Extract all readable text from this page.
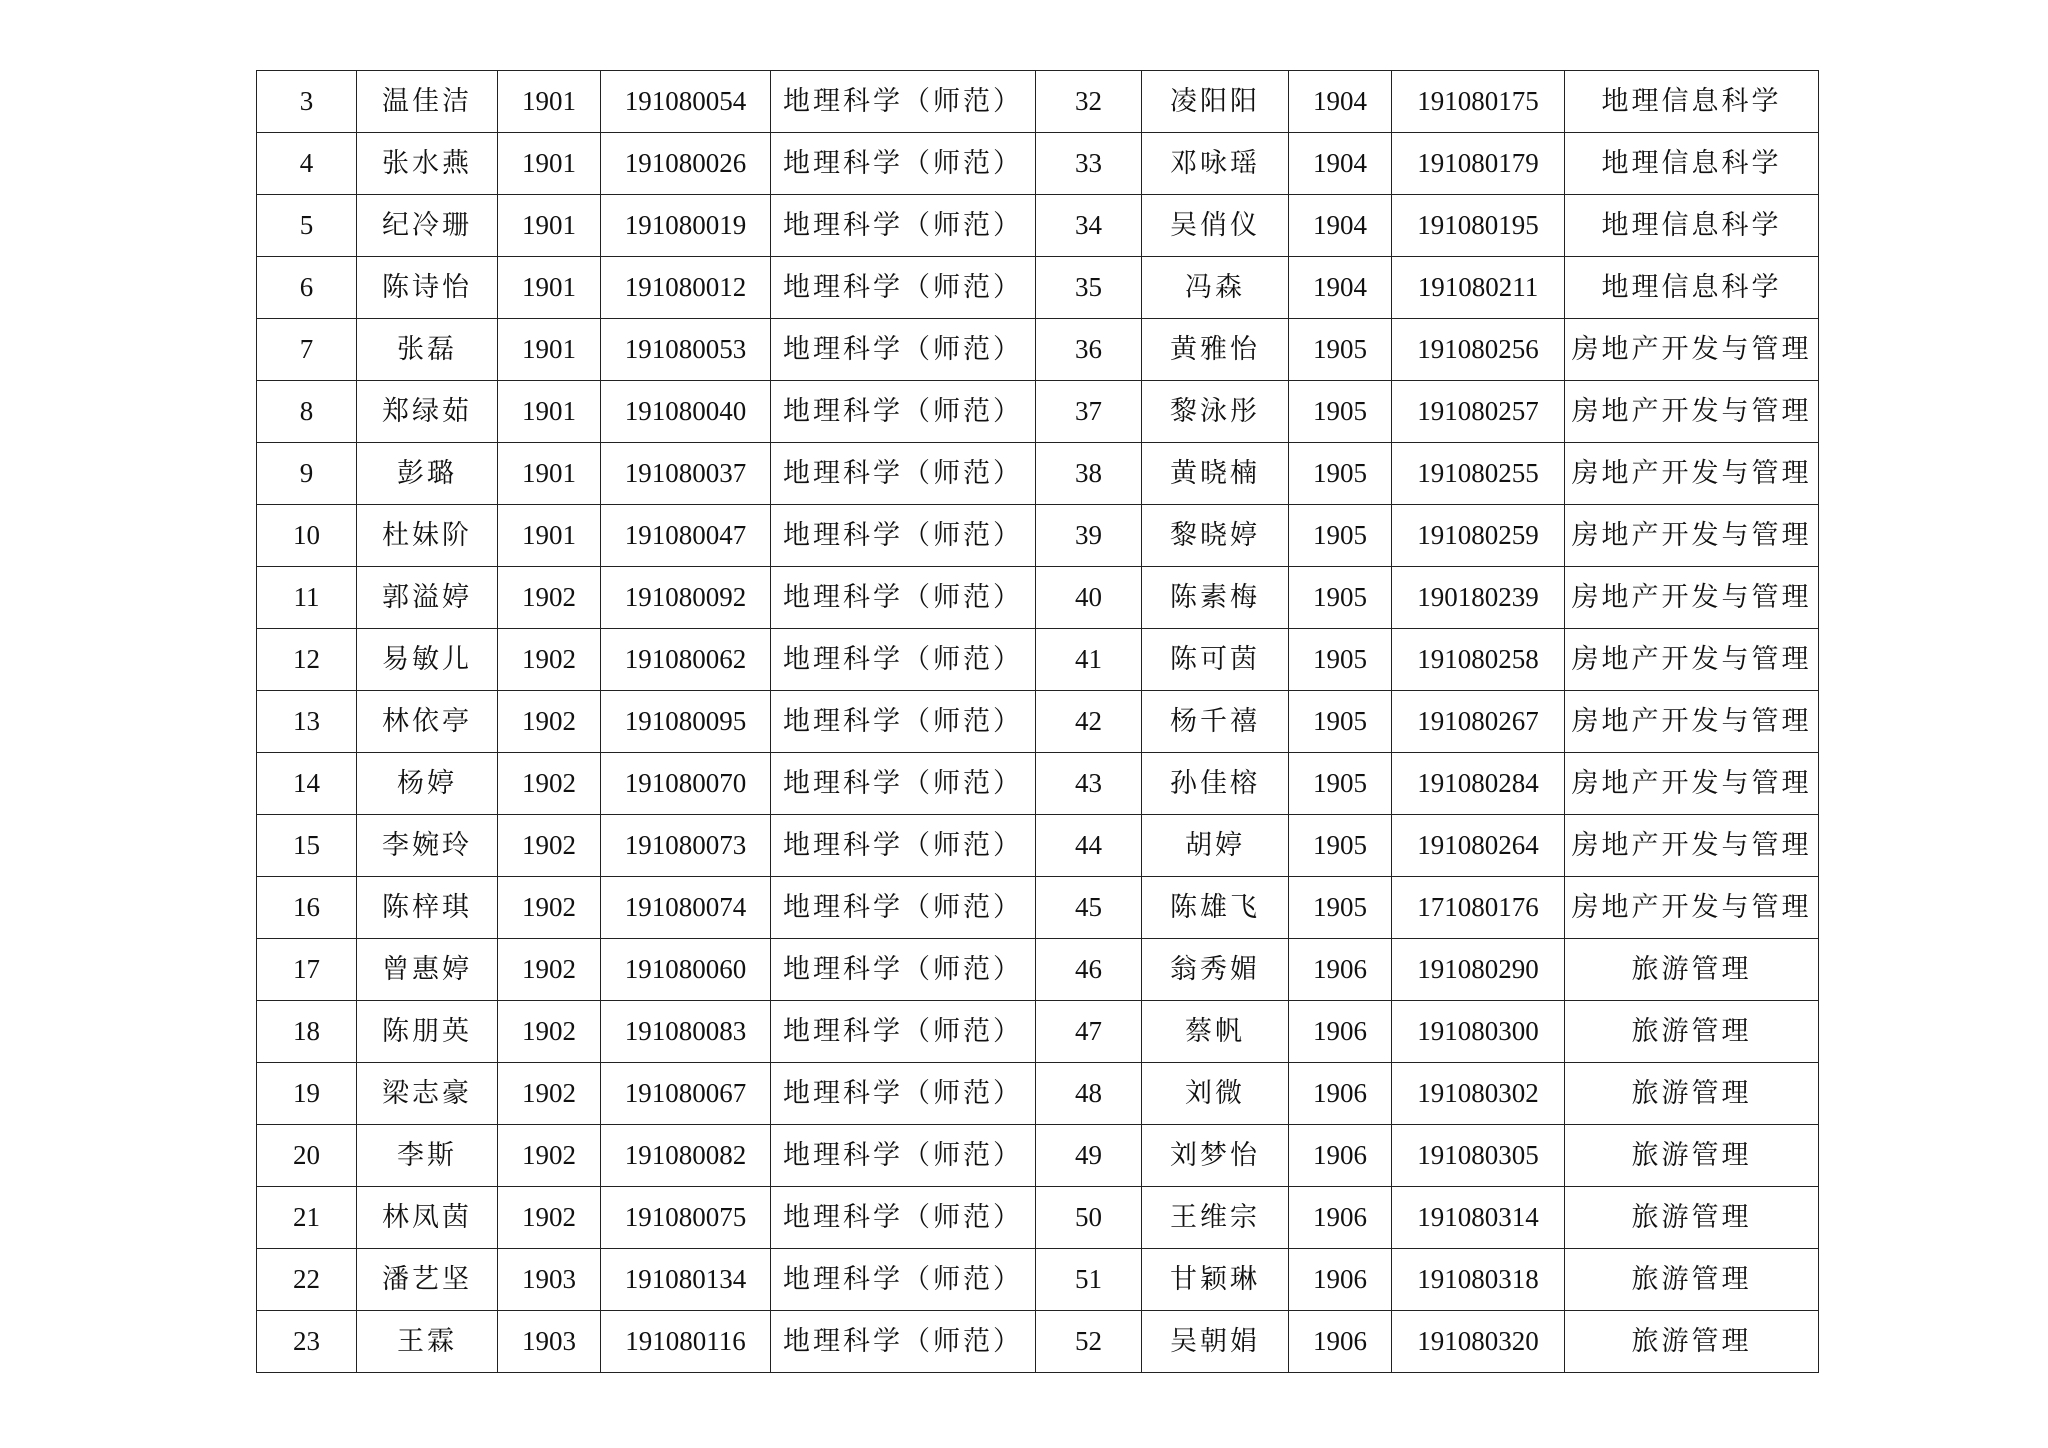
3	温佳洁	1901	191080054	地理科学（师范）	32	凌阳阳	1904	191080175	地理信息科学
4	张水燕	1901	191080026	地理科学（师范）	33	邓咏瑶	1904	191080179	地理信息科学
5	纪冷珊	1901	191080019	地理科学（师范）	34	吴俏仪	1904	191080195	地理信息科学
6	陈诗怡	1901	191080012	地理科学（师范）	35	冯森	1904	191080211	地理信息科学
7	张磊	1901	191080053	地理科学（师范）	36	黄雅怡	1905	191080256	房地产开发与管理
8	郑绿茹	1901	191080040	地理科学（师范）	37	黎泳彤	1905	191080257	房地产开发与管理
9	彭璐	1901	191080037	地理科学（师范）	38	黄晓楠	1905	191080255	房地产开发与管理
10	杜妹阶	1901	191080047	地理科学（师范）	39	黎晓婷	1905	191080259	房地产开发与管理
11	郭溢婷	1902	191080092	地理科学（师范）	40	陈素梅	1905	190180239	房地产开发与管理
12	易敏儿	1902	191080062	地理科学（师范）	41	陈可茵	1905	191080258	房地产开发与管理
13	林依亭	1902	191080095	地理科学（师范）	42	杨千禧	1905	191080267	房地产开发与管理
14	杨婷	1902	191080070	地理科学（师范）	43	孙佳榕	1905	191080284	房地产开发与管理
15	李婉玲	1902	191080073	地理科学（师范）	44	胡婷	1905	191080264	房地产开发与管理
16	陈梓琪	1902	191080074	地理科学（师范）	45	陈雄飞	1905	171080176	房地产开发与管理
17	曾惠婷	1902	191080060	地理科学（师范）	46	翁秀媚	1906	191080290	旅游管理
18	陈朋英	1902	191080083	地理科学（师范）	47	蔡帆	1906	191080300	旅游管理
19	梁志豪	1902	191080067	地理科学（师范）	48	刘微	1906	191080302	旅游管理
20	李斯	1902	191080082	地理科学（师范）	49	刘梦怡	1906	191080305	旅游管理
21	林凤茵	1902	191080075	地理科学（师范）	50	王维宗	1906	191080314	旅游管理
22	潘艺坚	1903	191080134	地理科学（师范）	51	甘颖琳	1906	191080318	旅游管理
23	王霖	1903	191080116	地理科学（师范）	52	吴朝娟	1906	191080320	旅游管理
